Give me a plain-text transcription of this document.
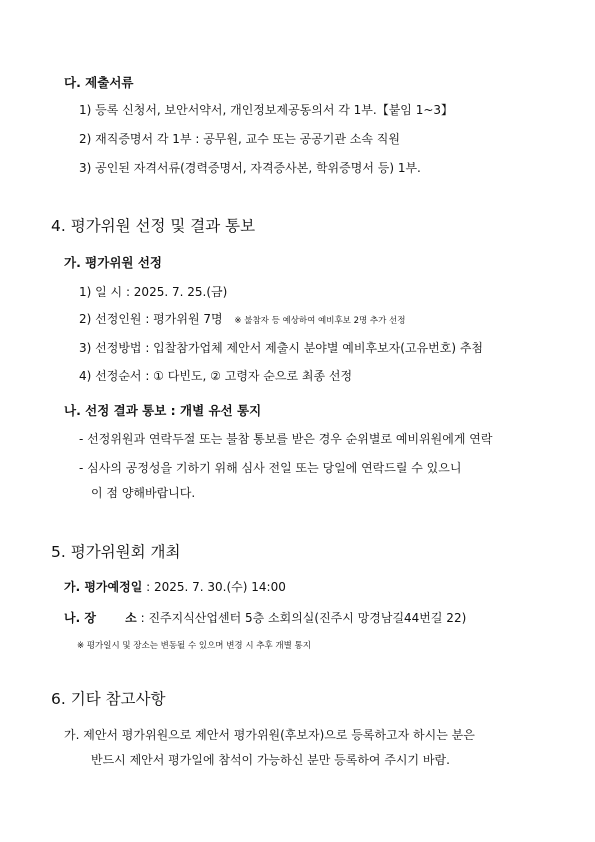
다. 제출서류
1) 등록 신청서, 보안서약서, 개인정보제공동의서 각 1부.【붙임 1~3】
2) 재직증명서 각 1부 : 공무원, 교수 또는 공공기관 소속 직원
3) 공인된 자격서류(경력증명서, 자격증사본, 학위증명서 등) 1부.
4. 평가위원 선정 및 결과 통보
가. 평가위원 선정
1) 일 시 : 2025. 7. 25.(금)
2) 선정인원 : 평가위원 7명 ※ 불참자 등 예상하여 예비후보 2명 추가 선정
3) 선정방법 : 입찰참가업체 제안서 제출시 분야별 예비후보자(고유번호) 추첨
4) 선정순서 : ① 다빈도, ② 고령자 순으로 최종 선정
나. 선정 결과 통보 : 개별 유선 통지
- 선정위원과 연락두절 또는 불참 통보를 받은 경우 순위별로 예비위원에게 연락
- 심사의 공정성을 기하기 위해 심사 전일 또는 당일에 연락드릴 수 있으니
이 점 양해바랍니다.
5. 평가위원회 개최
가. 평가예정일 : 2025. 7. 30.(수) 14:00
나. 장       소 : 진주지식산업센터 5층 소회의실(진주시 망경남길44번길 22)
※ 평가일시 및 장소는 변동될 수 있으며 변경 시 추후 개별 통지
6. 기타 참고사항
가. 제안서 평가위원으로 제안서 평가위원(후보자)으로 등록하고자 하시는 분은
반드시 제안서 평가일에 참석이 가능하신 분만 등록하여 주시기 바람.
